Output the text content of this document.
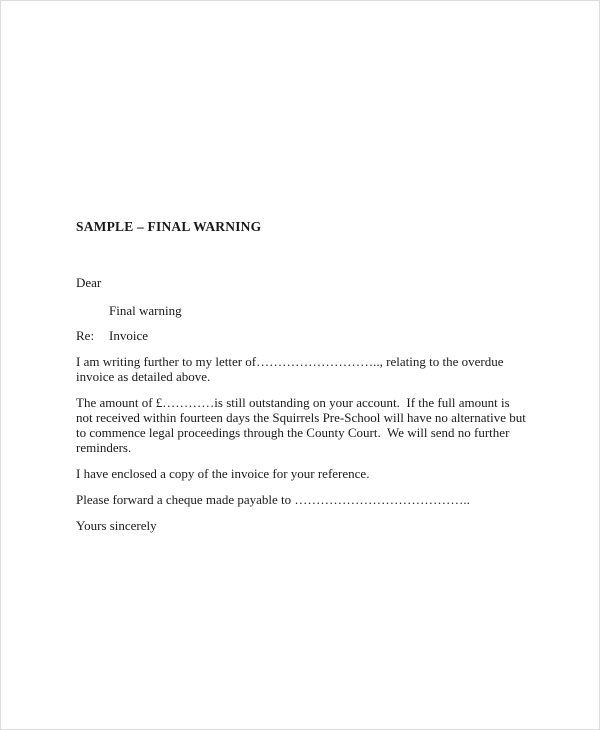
SAMPLE – FINAL WARNING

Dear

Final warning

Re:	Invoice

I am writing further to my letter of……………………….., relating to the overdue invoice as detailed above.

The amount of £…………is still outstanding on your account.  If the full amount is not received within fourteen days the Squirrels Pre-School will have no alternative but to commence legal proceedings through the County Court.  We will send no further reminders.

I have enclosed a copy of the invoice for your reference.

Please forward a cheque made payable to …………………………………..

Yours sincerely
